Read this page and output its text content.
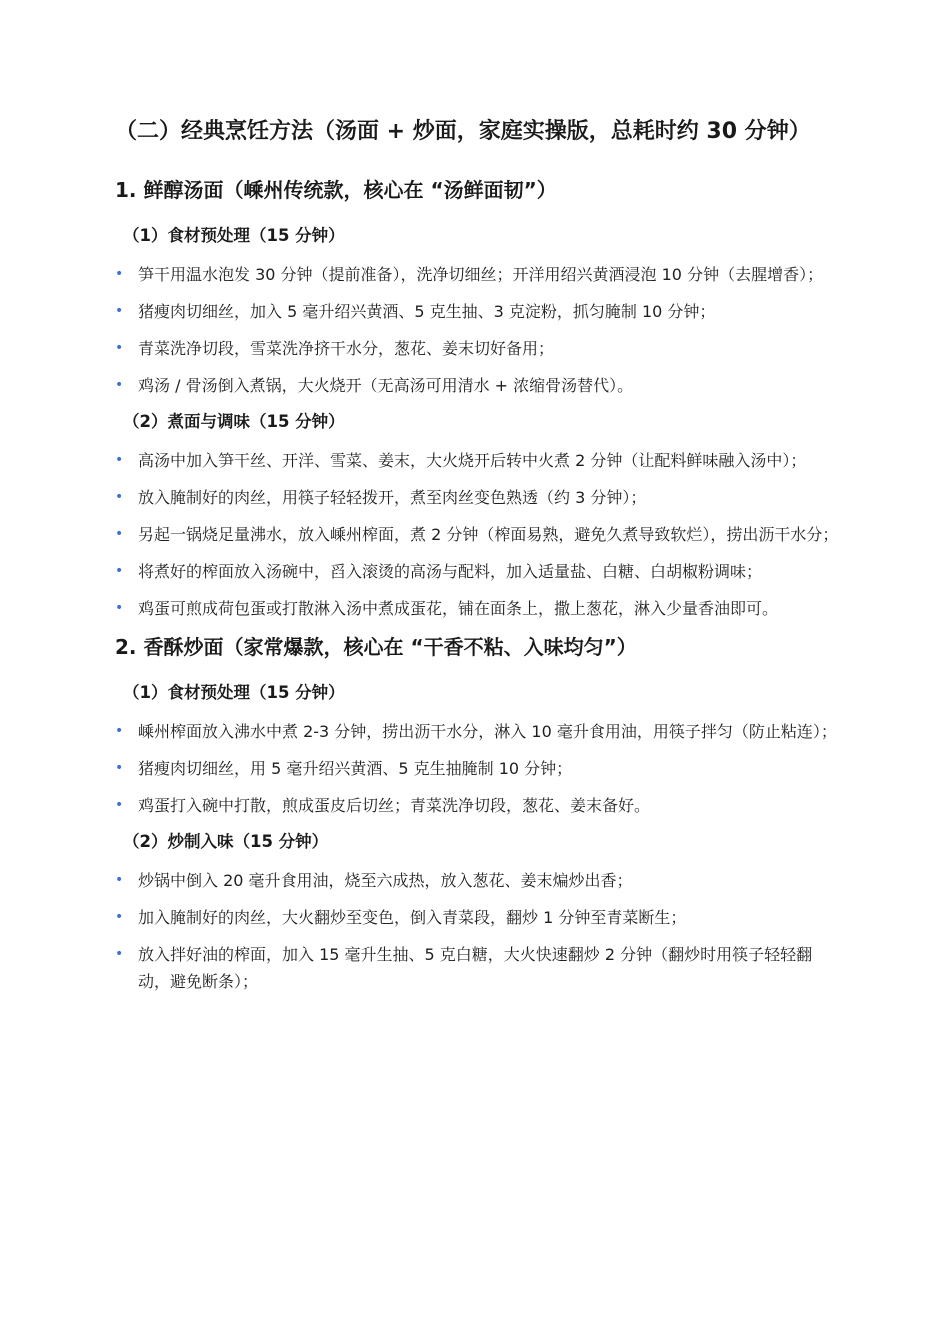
（二）经典烹饪方法（汤面 + 炒面，家庭实操版，总耗时约 30 分钟）
1. 鲜醇汤面（嵊州传统款，核心在 “汤鲜面韧”）
（1）食材预处理（15 分钟）
• 笋干用温水泡发 30 分钟（提前准备），洗净切细丝；开洋用绍兴黄酒浸泡 10 分钟（去腥增香）；
• 猪瘦肉切细丝，加入 5 毫升绍兴黄酒、5 克生抽、3 克淀粉，抓匀腌制 10 分钟；
• 青菜洗净切段，雪菜洗净挤干水分，葱花、姜末切好备用；
• 鸡汤 / 骨汤倒入煮锅，大火烧开（无高汤可用清水 + 浓缩骨汤替代）。
（2）煮面与调味（15 分钟）
• 高汤中加入笋干丝、开洋、雪菜、姜末，大火烧开后转中火煮 2 分钟（让配料鲜味融入汤中）；
• 放入腌制好的肉丝，用筷子轻轻拨开，煮至肉丝变色熟透（约 3 分钟）；
• 另起一锅烧足量沸水，放入嵊州榨面，煮 2 分钟（榨面易熟，避免久煮导致软烂），捞出沥干水分；
• 将煮好的榨面放入汤碗中，舀入滚烫的高汤与配料，加入适量盐、白糖、白胡椒粉调味；
• 鸡蛋可煎成荷包蛋或打散淋入汤中煮成蛋花，铺在面条上，撒上葱花，淋入少量香油即可。
2. 香酥炒面（家常爆款，核心在 “干香不粘、入味均匀”）
（1）食材预处理（15 分钟）
• 嵊州榨面放入沸水中煮 2-3 分钟，捞出沥干水分，淋入 10 毫升食用油，用筷子拌匀（防止粘连）；
• 猪瘦肉切细丝，用 5 毫升绍兴黄酒、5 克生抽腌制 10 分钟；
• 鸡蛋打入碗中打散，煎成蛋皮后切丝；青菜洗净切段，葱花、姜末备好。
（2）炒制入味（15 分钟）
• 炒锅中倒入 20 毫升食用油，烧至六成热，放入葱花、姜末煸炒出香；
• 加入腌制好的肉丝，大火翻炒至变色，倒入青菜段，翻炒 1 分钟至青菜断生；
• 放入拌好油的榨面，加入 15 毫升生抽、5 克白糖，大火快速翻炒 2 分钟（翻炒时用筷子轻轻翻动，避免断条）；
